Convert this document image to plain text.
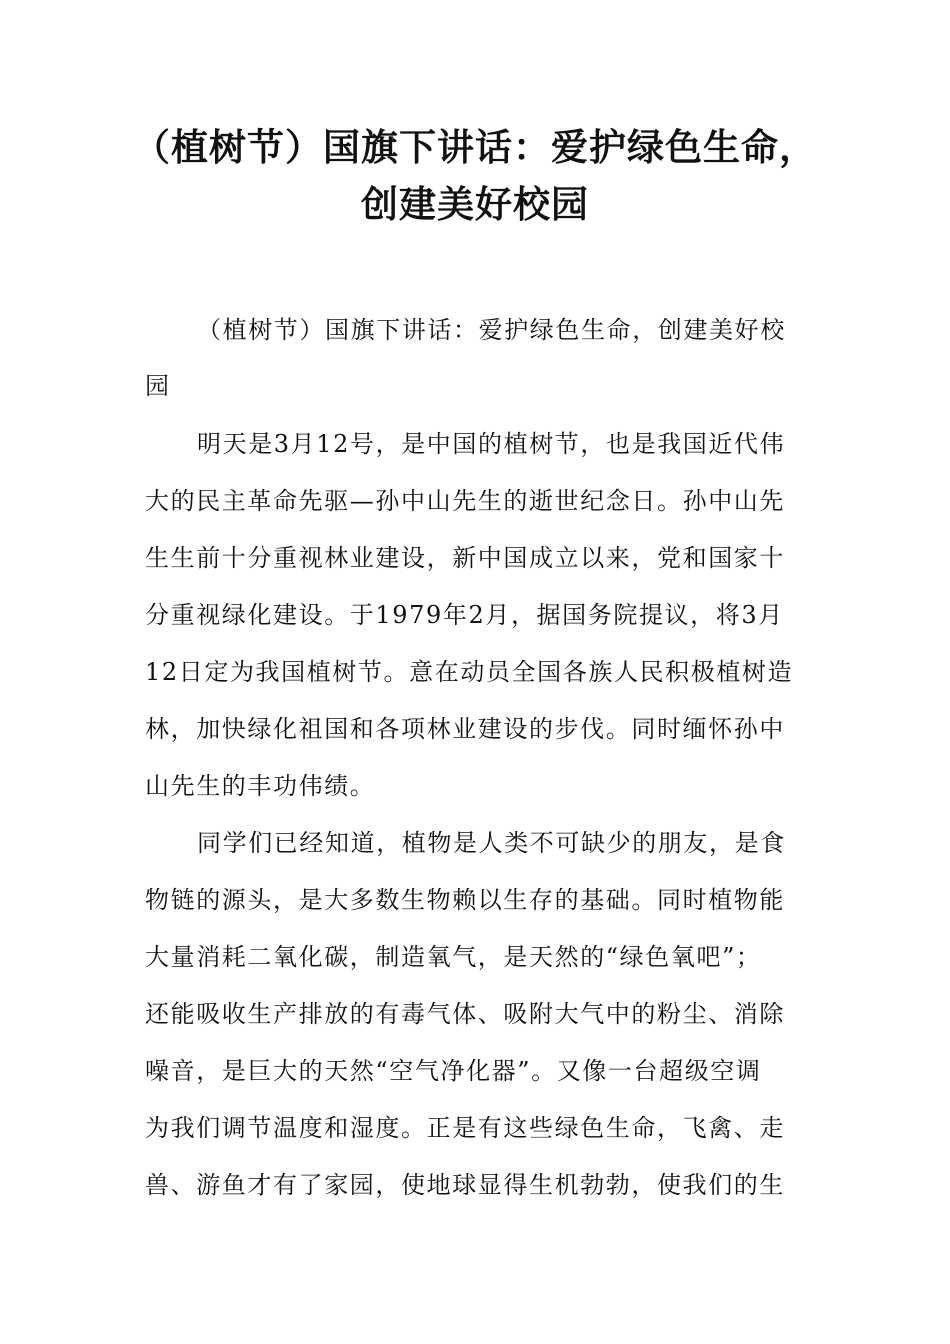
（植树节）国旗下讲话：爱护绿色生命，
创建美好校园
（植树节）国旗下讲话：爱护绿色生命，创建美好校
园
明天是3月12号，是中国的植树节，也是我国近代伟
大的民主革命先驱—孙中山先生的逝世纪念日。孙中山先
生生前十分重视林业建设，新中国成立以来，党和国家十
分重视绿化建设。于1979年2月，据国务院提议，将3月
12日定为我国植树节。意在动员全国各族人民积极植树造
林，加快绿化祖国和各项林业建设的步伐。同时缅怀孙中
山先生的丰功伟绩。
同学们已经知道，植物是人类不可缺少的朋友，是食
物链的源头，是大多数生物赖以生存的基础。同时植物能
大量消耗二氧化碳，制造氧气，是天然的“绿色氧吧”；
还能吸收生产排放的有毒气体、吸附大气中的粉尘、消除
噪音，是巨大的天然“空气净化器”。又像一台超级空调
为我们调节温度和湿度。正是有这些绿色生命，飞禽、走
兽、游鱼才有了家园，使地球显得生机勃勃，使我们的生
